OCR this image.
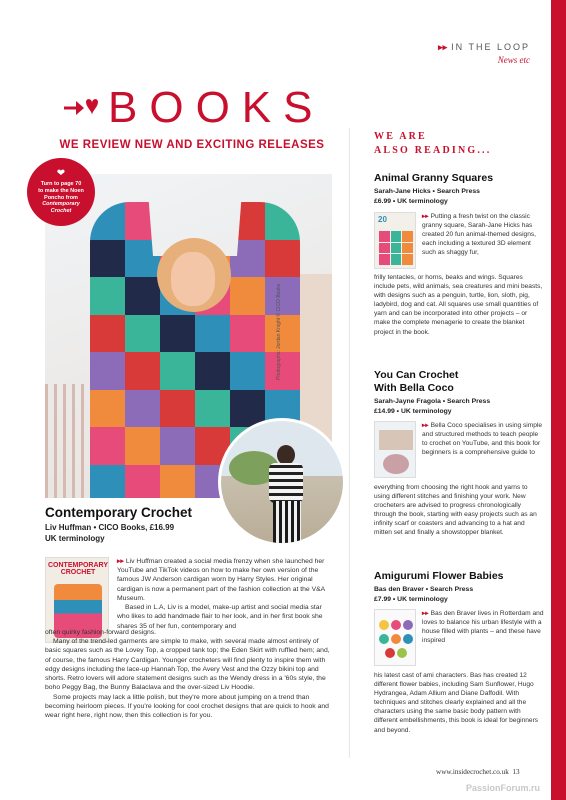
▸▸ IN THE LOOP
News etc
BOOKS
WE REVIEW NEW AND EXCITING RELEASES
Photographs: Jordan Knight © CICO Books
❤
Turn to page 70
to make the Noen
Poncho from
Contemporary
Crochet
Contemporary Crochet
Liv Huffman • CICO Books, £16.99
UK terminology
CONTEMPORARY CROCHET

▸▸ Liv Huffman created a social media frenzy when she launched her YouTube and TikTok videos on how to make her own version of the famous JW Anderson cardigan worn by Harry Styles. Her original cardigan is now a permanent part of the fashion collection at the V&A Museum.

Based in L.A, Liv is a model, make-up artist and social media star who likes to add handmade flair to her look, and in her first book she shares 35 of her fun, contemporary and

often quirky fashion-forward designs.

Many of the trend-led garments are simple to make, with several made almost entirely of basic squares such as the Lovey Top, a cropped tank top; the Eden Skirt with ruffled hem; and, of course, the famous Harry Cardigan. Younger crocheters will find plenty to inspire them with edgy designs including the lace-up Hannah Top, the Avery Vest and the Ozzy bikini top and shorts. Retro lovers will adore statement designs such as the Wendy dress in a '60s style, the boho Peggy Bag, the Bunny Balaclava and the over-sized Liv Hoodie.

Some projects may lack a little polish, but they're more about jumping on a trend than becoming heirloom pieces. If you're looking for cool crochet designs that are quick to hook and wear right here, right now, then this collection is for you.

WE ARE
ALSO READING...
Animal Granny Squares
Sarah-Jane Hicks • Search Press
£6.99 • UK terminology
20	▸▸ Putting a fresh twist on the classic granny square, Sarah-Jane Hicks has created 20 fun animal-themed designs, each including a textured 3D element such as shaggy fur,
frilly tentacles, or horns, beaks and wings. Squares include pets, wild animals, sea creatures and mini beasts, with designs such as a penguin, turtle, lion, sloth, pig, ladybird, dog and cat. All squares use small quantities of yarn and can be incorporated into other projects – or make the complete menagerie to create the blanket project in the book.
You Can Crochet
With Bella Coco
Sarah-Jayne Fragola • Search Press
£14.99 • UK terminology
▸▸ Bella Coco specialises in using simple and structured methods to teach people to crochet on YouTube, and this book for beginners is a comprehensive guide to
everything from choosing the right hook and yarns to using different stitches and finishing your work. New crocheters are advised to progress chronologically through the book, starting with easy projects such as an infinity scarf or coasters and advancing to a hat and mitten set and finally a showstopper blanket.
Amigurumi Flower Babies
Bas den Braver • Search Press
£7.99 • UK terminology
▸▸ Bas den Braver lives in Rotterdam and loves to balance his urban lifestyle with a house filled with plants – and these have inspired
his latest cast of ami characters. Bas has created 12 different flower babies, including Sam Sunflower, Hugo Hydrangea, Adam Allium and Diane Daffodil. With techniques and stitches clearly explained and all the characters using the same basic body pattern with different embellishments, this book is ideal for beginners and beyond.
www.insidecrochet.co.uk 13
PassionForum.ru
